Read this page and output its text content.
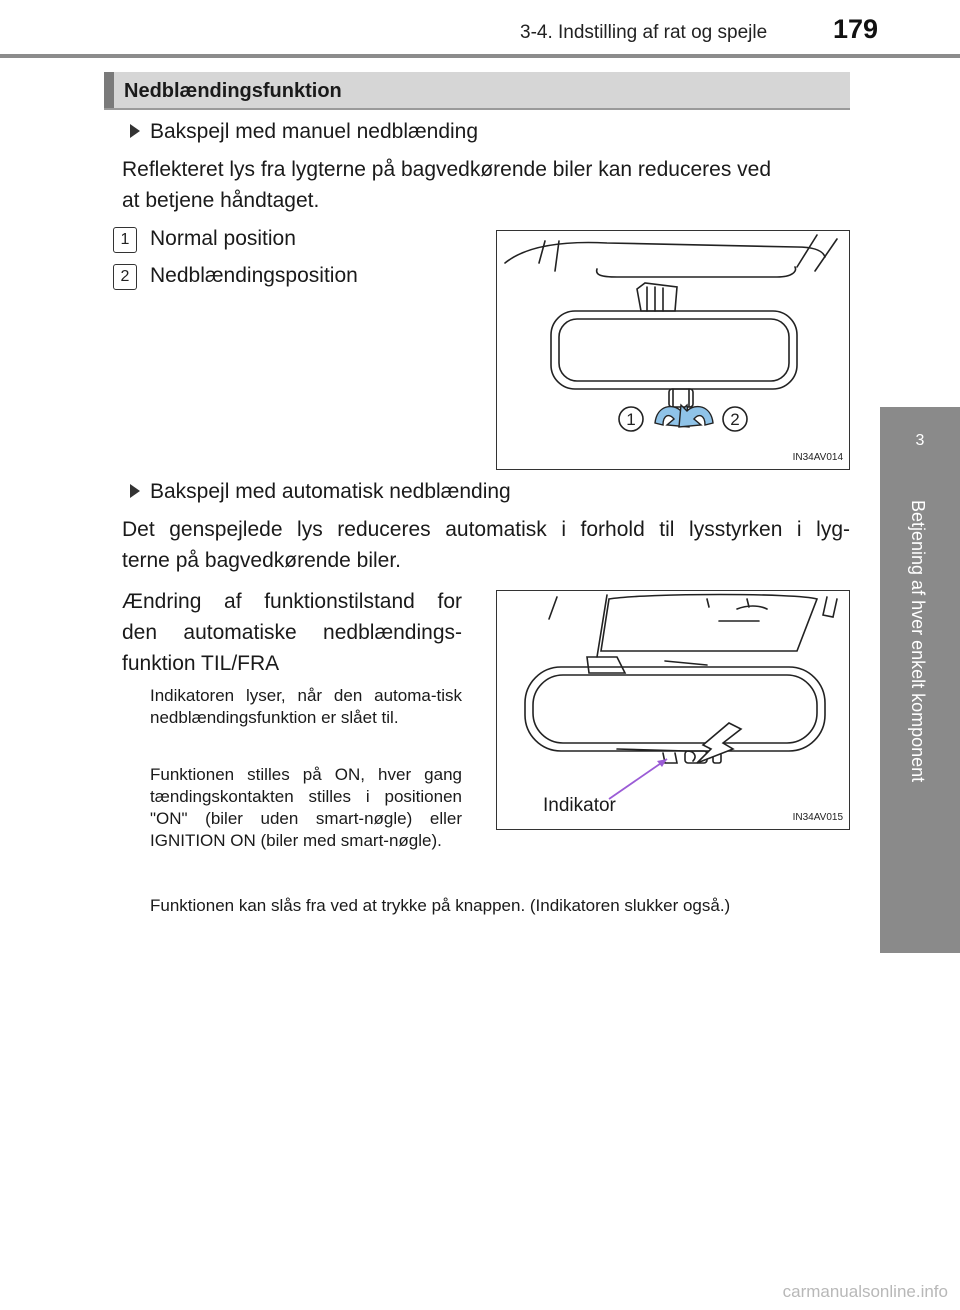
3-4. Indstilling af rat og spejle 179
3
Betjening af hver enkelt komponent
Nedblændingsfunktion
Bakspejl med manuel nedblænding
Reflekteret lys fra lygterne på bagvedkørende biler kan reduceres ved
at betjene håndtaget.
1 Normal position
2 Nedblændingsposition
1	2
IN34AV014
Bakspejl med automatisk nedblænding
Det genspejlede lys reduceres automatisk i forhold til lysstyrken i lyg-
terne på bagvedkørende biler.
Ændring af funktionstilstand for
den automatiske nedblændings-
funktion TIL/FRA
Indikatoren lyser, når den automa-tisk nedblændingsfunktion er slået til.
Funktionen stilles på ON, hver gang tændingskontakten stilles i positionen "ON" (biler uden smart-nøgle) eller IGNITION ON (biler med smart-nøgle).
Funktionen kan slås fra ved at trykke på knappen. (Indikatoren slukker også.)
Indikator
IN34AV015
carmanualsonline.info
